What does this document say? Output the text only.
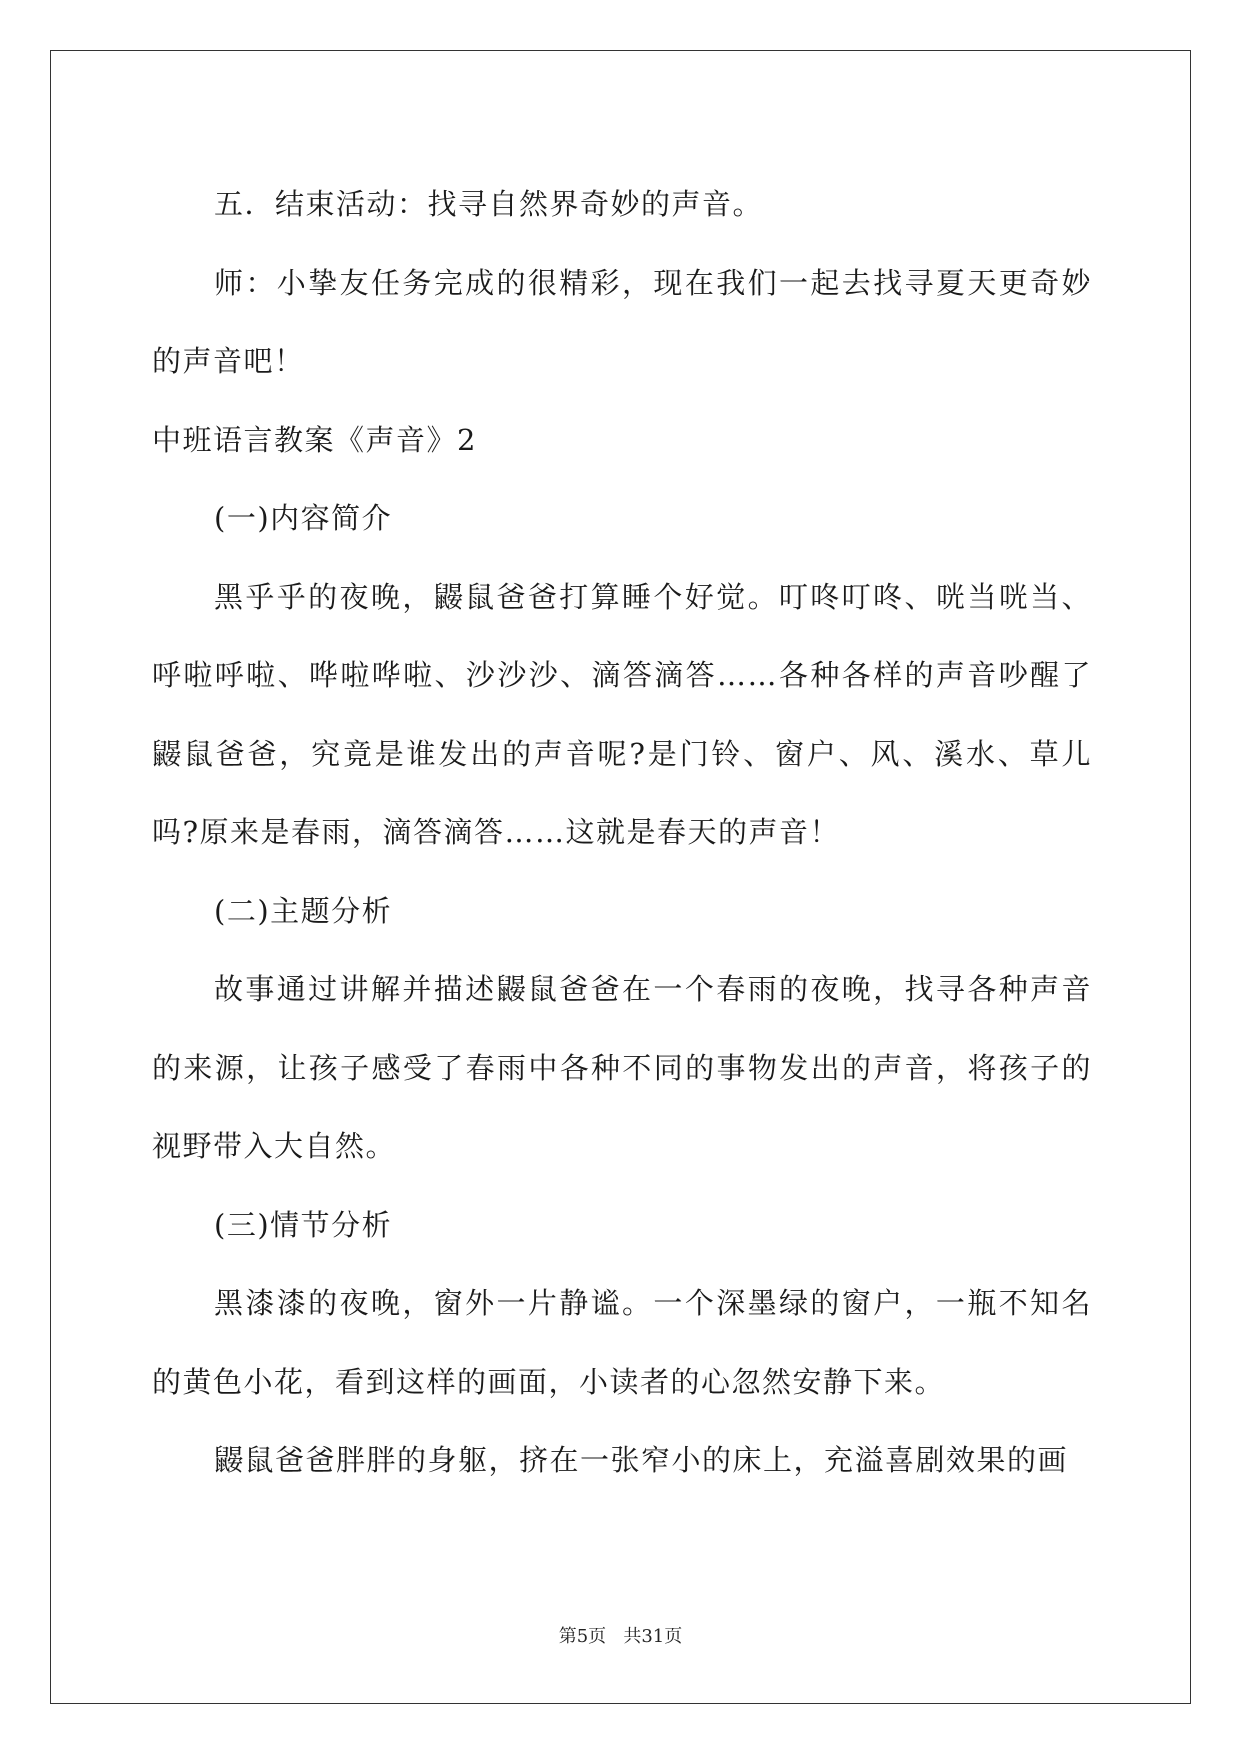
五．结束活动：找寻自然界奇妙的声音。

师：小挚友任务完成的很精彩，现在我们一起去找寻夏天更奇妙的声音吧！

中班语言教案《声音》2

(一)内容简介

黑乎乎的夜晚，鼹鼠爸爸打算睡个好觉。叮咚叮咚、咣当咣当、呼啦呼啦、哗啦哗啦、沙沙沙、滴答滴答……各种各样的声音吵醒了鼹鼠爸爸，究竟是谁发出的声音呢?是门铃、窗户、风、溪水、草儿吗?原来是春雨，滴答滴答……这就是春天的声音！

(二)主题分析

故事通过讲解并描述鼹鼠爸爸在一个春雨的夜晚，找寻各种声音的来源，让孩子感受了春雨中各种不同的事物发出的声音，将孩子的视野带入大自然。

(三)情节分析

黑漆漆的夜晚，窗外一片静谧。一个深墨绿的窗户，一瓶不知名的黄色小花，看到这样的画面，小读者的心忽然安静下来。

鼹鼠爸爸胖胖的身躯，挤在一张窄小的床上，充溢喜剧效果的画

第5页   共31页
